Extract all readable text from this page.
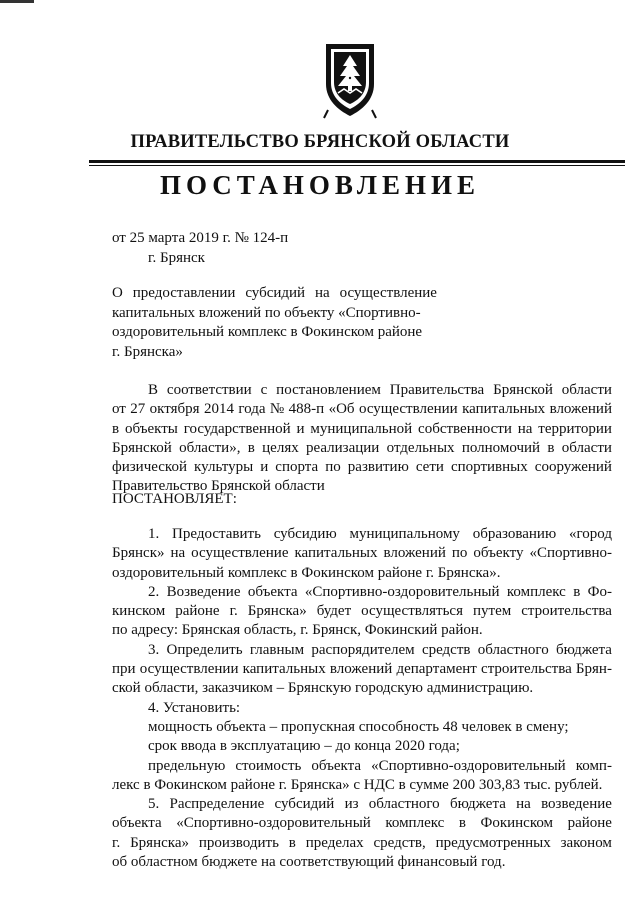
ПРАВИТЕЛЬСТВО БРЯНСКОЙ ОБЛАСТИ
ПОСТАНОВЛЕНИЕ
от 25 марта 2019 г. № 124-п
г. Брянск
О предоставлении субсидий на осуществление
капитальных вложений по объекту «Спортивно-
оздоровительный комплекс в Фокинском районе
г. Брянска»
В соответствии с постановлением Правительства Брянской области
от 27 октября 2014 года № 488-п «Об осуществлении капитальных вложений
в объекты государственной и муниципальной собственности на территории
Брянской области», в целях реализации отдельных полномочий в области
физической культуры и спорта по развитию сети спортивных сооружений
Правительство Брянской области
ПОСТАНОВЛЯЕТ:
1. Предоставить субсидию муниципальному образованию «город
Брянск» на осуществление капитальных вложений по объекту «Спортивно-
оздоровительный комплекс в Фокинском районе г. Брянска».
2. Возведение объекта «Спортивно-оздоровительный комплекс в Фо-
кинском районе г. Брянска» будет осуществляться путем строительства
по адресу: Брянская область, г. Брянск, Фокинский район.
3. Определить главным распорядителем средств областного бюджета
при осуществлении капитальных вложений департамент строительства Брян-
ской области, заказчиком – Брянскую городскую администрацию.
4. Установить:
мощность объекта – пропускная способность 48 человек в смену;
срок ввода в эксплуатацию – до конца 2020 года;
предельную стоимость объекта «Спортивно-оздоровительный комп-
лекс в Фокинском районе г. Брянска» с НДС в сумме 200 303,83 тыс. рублей.
5. Распределение субсидий из областного бюджета на возведение
объекта «Спортивно-оздоровительный комплекс в Фокинском районе
г. Брянска» производить в пределах средств, предусмотренных законом
об областном бюджете на соответствующий финансовый год.
